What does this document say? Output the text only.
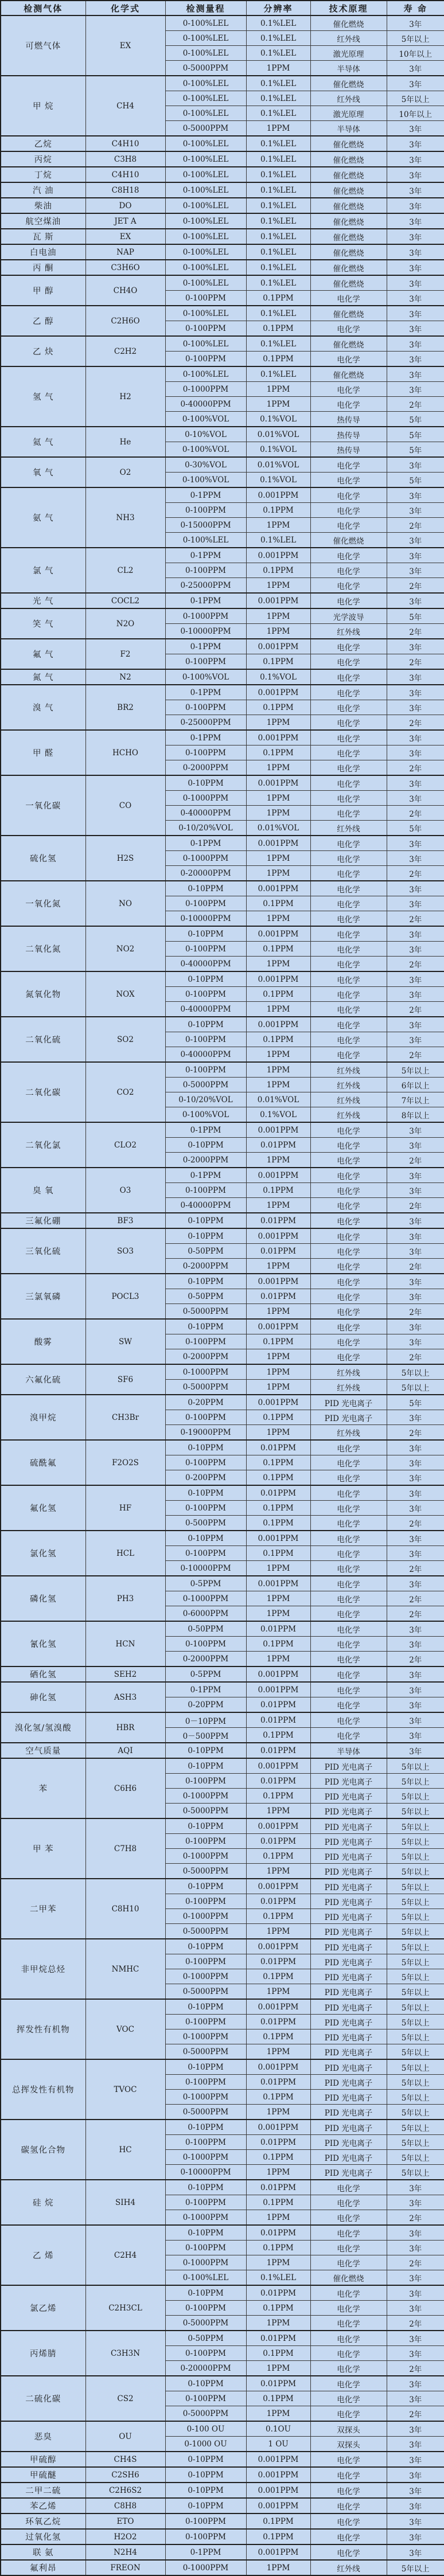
检测气体	化学式	检测量程	分辨率	技术原理	寿 命
可燃气体	EX	0-100%LEL	0.1%LEL	催化燃烧	3年
		0-100%LEL	0.1%LEL	红外线	5年以上
		0-100%LEL	0.1%LEL	激光原理	10年以上
		0-5000PPM	1PPM	半导体	3年
甲 烷	CH4	0-100%LEL	0.1%LEL	催化燃烧	3年
		0-100%LEL	0.1%LEL	红外线	5年以上
		0-100%LEL	0.1%LEL	激光原理	10年以上
		0-5000PPM	1PPM	半导体	3年
乙烷	C4H10	0-100%LEL	0.1%LEL	催化燃烧	3年
丙烷	C3H8	0-100%LEL	0.1%LEL	催化燃烧	3年
丁烷	C4H10	0-100%LEL	0.1%LEL	催化燃烧	3年
汽 油	C8H18	0-100%LEL	0.1%LEL	催化燃烧	3年
柴油	DO	0-100%LEL	0.1%LEL	催化燃烧	3年
航空煤油	JET A	0-100%LEL	0.1%LEL	催化燃烧	3年
瓦 斯	EX	0-100%LEL	0.1%LEL	催化燃烧	3年
白电油	NAP	0-100%LEL	0.1%LEL	催化燃烧	3年
丙 酮	C3H6O	0-100%LEL	0.1%LEL	催化燃烧	3年
甲 醇	CH4O	0-100%LEL	0.1%LEL	催化燃烧	3年
		0-100PPM	0.1PPM	电化学	3年
乙 醇	C2H6O	0-100%LEL	0.1%LEL	催化燃烧	3年
		0-100PPM	0.1PPM	电化学	3年
乙 炔	C2H2	0-100%LEL	0.1%LEL	催化燃烧	3年
		0-100PPM	0.1PPM	电化学	3年
氢 气	H2	0-100%LEL	0.1%LEL	催化燃烧	3年
		0-1000PPM	1PPM	电化学	3年
		0-40000PPM	1PPM	电化学	2年
		0-100%VOL	0.1%VOL	热传导	5年
氦 气	He	0-10%VOL	0.01%VOL	热传导	5年
		0-100%VOL	0.1%VOL	热传导	5年
氧 气	O2	0-30%VOL	0.01%VOL	电化学	3年
		0-100%VOL	0.1%VOL	电化学	5年
氨 气	NH3	0-1PPM	0.001PPM	电化学	3年
		0-100PPM	0.1PPM	电化学	3年
		0-15000PPM	1PPM	电化学	2年
		0-100%LEL	0.1%LEL	催化燃烧	3年
氯 气	CL2	0-1PPM	0.001PPM	电化学	3年
		0-100PPM	0.1PPM	电化学	3年
		0-25000PPM	1PPM	电化学	2年
光 气	COCL2	0-1PPM	0.001PPM	电化学	3年
笑 气	N2O	0-1000PPM	1PPM	光学波导	5年
		0-10000PPM	1PPM	红外线	2年
氟 气	F2	0-1PPM	0.001PPM	电化学	3年
		0-100PPM	0.1PPM	电化学	2年
氮 气	N2	0-100%VOL	0.1%VOL	电化学	3年
溴 气	BR2	0-1PPM	0.001PPM	电化学	3年
		0-100PPM	0.1PPM	电化学	3年
		0-25000PPM	1PPM	电化学	2年
甲 醛	HCHO	0-1PPM	0.001PPM	电化学	3年
		0-100PPM	0.1PPM	电化学	3年
		0-2000PPM	1PPM	电化学	2年
一氧化碳	CO	0-10PPM	0.001PPM	电化学	3年
		0-1000PPM	1PPM	电化学	3年
		0-40000PPM	1PPM	电化学	2年
		0-10/20%VOL	0.01%VOL	红外线	5年
硫化氢	H2S	0-1PPM	0.001PPM	电化学	3年
		0-1000PPM	1PPM	电化学	3年
		0-20000PPM	1PPM	电化学	2年
一氧化氮	NO	0-10PPM	0.001PPM	电化学	3年
		0-100PPM	0.1PPM	电化学	3年
		0-10000PPM	1PPM	电化学	2年
二氧化氮	NO2	0-10PPM	0.001PPM	电化学	3年
		0-100PPM	0.1PPM	电化学	3年
		0-40000PPM	1PPM	电化学	2年
氮氧化物	NOX	0-10PPM	0.001PPM	电化学	3年
		0-100PPM	0.1PPM	电化学	3年
		0-40000PPM	1PPM	电化学	2年
二氧化硫	SO2	0-10PPM	0.001PPM	电化学	3年
		0-100PPM	0.1PPM	电化学	3年
		0-40000PPM	1PPM	电化学	2年
二氧化碳	CO2	0-100PPM	1PPM	红外线	5年以上
		0-5000PPM	1PPM	红外线	6年以上
		0-10/20%VOL	0.01%VOL	红外线	7年以上
		0-100%VOL	0.1%VOL	红外线	8年以上
二氧化氯	CLO2	0-1PPM	0.001PPM	电化学	3年
		0-10PPM	0.01PPM	电化学	3年
		0-2000PPM	1PPM	电化学	2年
臭 氧	O3	0-1PPM	0.001PPM	电化学	3年
		0-100PPM	0.1PPM	电化学	3年
		0-40000PPM	1PPM	电化学	2年
三氟化硼	BF3	0-10PPM	0.01PPM	电化学	3年
三氧化硫	SO3	0-10PPM	0.001PPM	电化学	3年
		0-50PPM	0.01PPM	电化学	3年
		0-2000PPM	1PPM	电化学	2年
三氯氧磷	POCL3	0-10PPM	0.001PPM	电化学	3年
		0-50PPM	0.01PPM	电化学	3年
		0-5000PPM	1PPM	电化学	2年
酸雾	SW	0-10PPM	0.001PPM	电化学	3年
		0-100PPM	0.1PPM	电化学	3年
		0-2000PPM	1PPM	电化学	2年
六氟化硫	SF6	0-1000PPM	1PPM	红外线	5年以上
		0-5000PPM	1PPM	红外线	5年以上
溴甲烷	CH3Br	0-20PPM	0.001PPM	PID 光电离子	5年
		0-100PPM	0.1PPM	PID 光电离子	3年
		0-19000PPM	1PPM	红外线	2年
硫酰氟	F2O2S	0-10PPM	0.01PPM	电化学	3年
		0-100PPM	0.1PPM	电化学	3年
		0-200PPM	0.1PPM	电化学	3年
氟化氢	HF	0-10PPM	0.01PPM	电化学	3年
		0-100PPM	0.1PPM	电化学	3年
		0-500PPM	0.1PPM	电化学	2年
氯化氢	HCL	0-10PPM	0.001PPM	电化学	3年
		0-100PPM	0.1PPM	电化学	3年
		0-10000PPM	1PPM	电化学	2年
磷化氢	PH3	0-5PPM	0.001PPM	电化学	3年
		0-1000PPM	1PPM	电化学	2年
		0-6000PPM	1PPM	电化学	2年
氰化氢	HCN	0-50PPM	0.01PPM	电化学	3年
		0-100PPM	0.1PPM	电化学	3年
		0-2000PPM	1PPM	电化学	2年
硒化氢	SEH2	0-5PPM	0.001PPM	电化学	3年
砷化氢	ASH3	0-1PPM	0.001PPM	电化学	3年
		0-20PPM	0.01PPM	电化学	3年
溴化氢/氢溴酸	HBR	0－10PPM	0.01PPM	电化学	3年
		0－500PPM	0.1PPM	电化学	3年
空气质量	AQI	0-10PPM	0.01PPM	半导体	3年
苯	C6H6	0-10PPM	0.001PPM	PID 光电离子	5年以上
		0-100PPM	0.01PPM	PID 光电离子	5年以上
		0-1000PPM	0.1PPM	PID 光电离子	5年以上
		0-5000PPM	1PPM	PID 光电离子	5年以上
甲 苯	C7H8	0-10PPM	0.001PPM	PID 光电离子	5年以上
		0-100PPM	0.01PPM	PID 光电离子	5年以上
		0-1000PPM	0.1PPM	PID 光电离子	5年以上
		0-5000PPM	1PPM	PID 光电离子	5年以上
二甲苯	C8H10	0-10PPM	0.001PPM	PID 光电离子	5年以上
		0-100PPM	0.01PPM	PID 光电离子	5年以上
		0-1000PPM	0.1PPM	PID 光电离子	5年以上
		0-5000PPM	1PPM	PID 光电离子	5年以上
非甲烷总烃	NMHC	0-10PPM	0.001PPM	PID 光电离子	5年以上
		0-100PPM	0.01PPM	PID 光电离子	5年以上
		0-1000PPM	0.1PPM	PID 光电离子	5年以上
		0-5000PPM	1PPM	PID 光电离子	5年以上
挥发性有机物	VOC	0-10PPM	0.001PPM	PID 光电离子	5年以上
		0-100PPM	0.01PPM	PID 光电离子	5年以上
		0-1000PPM	0.1PPM	PID 光电离子	5年以上
		0-5000PPM	1PPM	PID 光电离子	5年以上
总挥发性有机物	TVOC	0-10PPM	0.001PPM	PID 光电离子	5年以上
		0-100PPM	0.01PPM	PID 光电离子	5年以上
		0-1000PPM	0.1PPM	PID 光电离子	5年以上
		0-5000PPM	1PPM	PID 光电离子	5年以上
碳氢化合物	HC	0-10PPM	0.001PPM	PID 光电离子	5年以上
		0-100PPM	0.01PPM	PID 光电离子	5年以上
		0-1000PPM	0.1PPM	PID 光电离子	5年以上
		0-10000PPM	1PPM	PID 光电离子	5年以上
硅 烷	SIH4	0-10PPM	0.01PPM	电化学	3年
		0-100PPM	0.1PPM	电化学	3年
		0-1000PPM	1PPM	电化学	2年
乙 烯	C2H4	0-10PPM	0.01PPM	电化学	3年
		0-100PPM	0.1PPM	电化学	3年
		0-1000PPM	1PPM	电化学	2年
		0-100%LEL	0.1%LEL	催化燃烧	3年
氯乙烯	C2H3CL	0-10PPM	0.01PPM	电化学	3年
		0-100PPM	0.1PPM	电化学	3年
		0-5000PPM	1PPM	电化学	2年
丙烯腈	C3H3N	0-50PPM	0.01PPM	电化学	3年
		0-100PPM	0.1PPM	电化学	3年
		0-20000PPM	1PPM	电化学	2年
二硫化碳	CS2	0-10PPM	0.01PPM	电化学	3年
		0-100PPM	0.1PPM	电化学	3年
		0-5000PPM	1PPM	电化学	2年
恶臭	OU	0-100 OU	0.1OU	双探头	3年
		0-1000 OU	1 OU	双探头	3年
甲硫醇	CH4S	0-10PPM	0.001PPM	电化学	3年
甲硫醚	C2SH6	0-10PPM	0.001PPM	电化学	3年
二甲二硫	C2H6S2	0-10PPM	0.001PPM	电化学	3年
苯乙烯	C8H8	0-10PPM	0.001PPM	电化学	3年
环氧乙烷	ETO	0-100PPM	0.1PPM	电化学	3年
过氧化氢	H2O2	0-100PPM	0.1PPM	电化学	3年
联 氨	N2H4	0-1PPM	0.001PPM	电化学	3年
氟利昂	FREON	0-1000PPM	1PPM	红外线	5年以上
